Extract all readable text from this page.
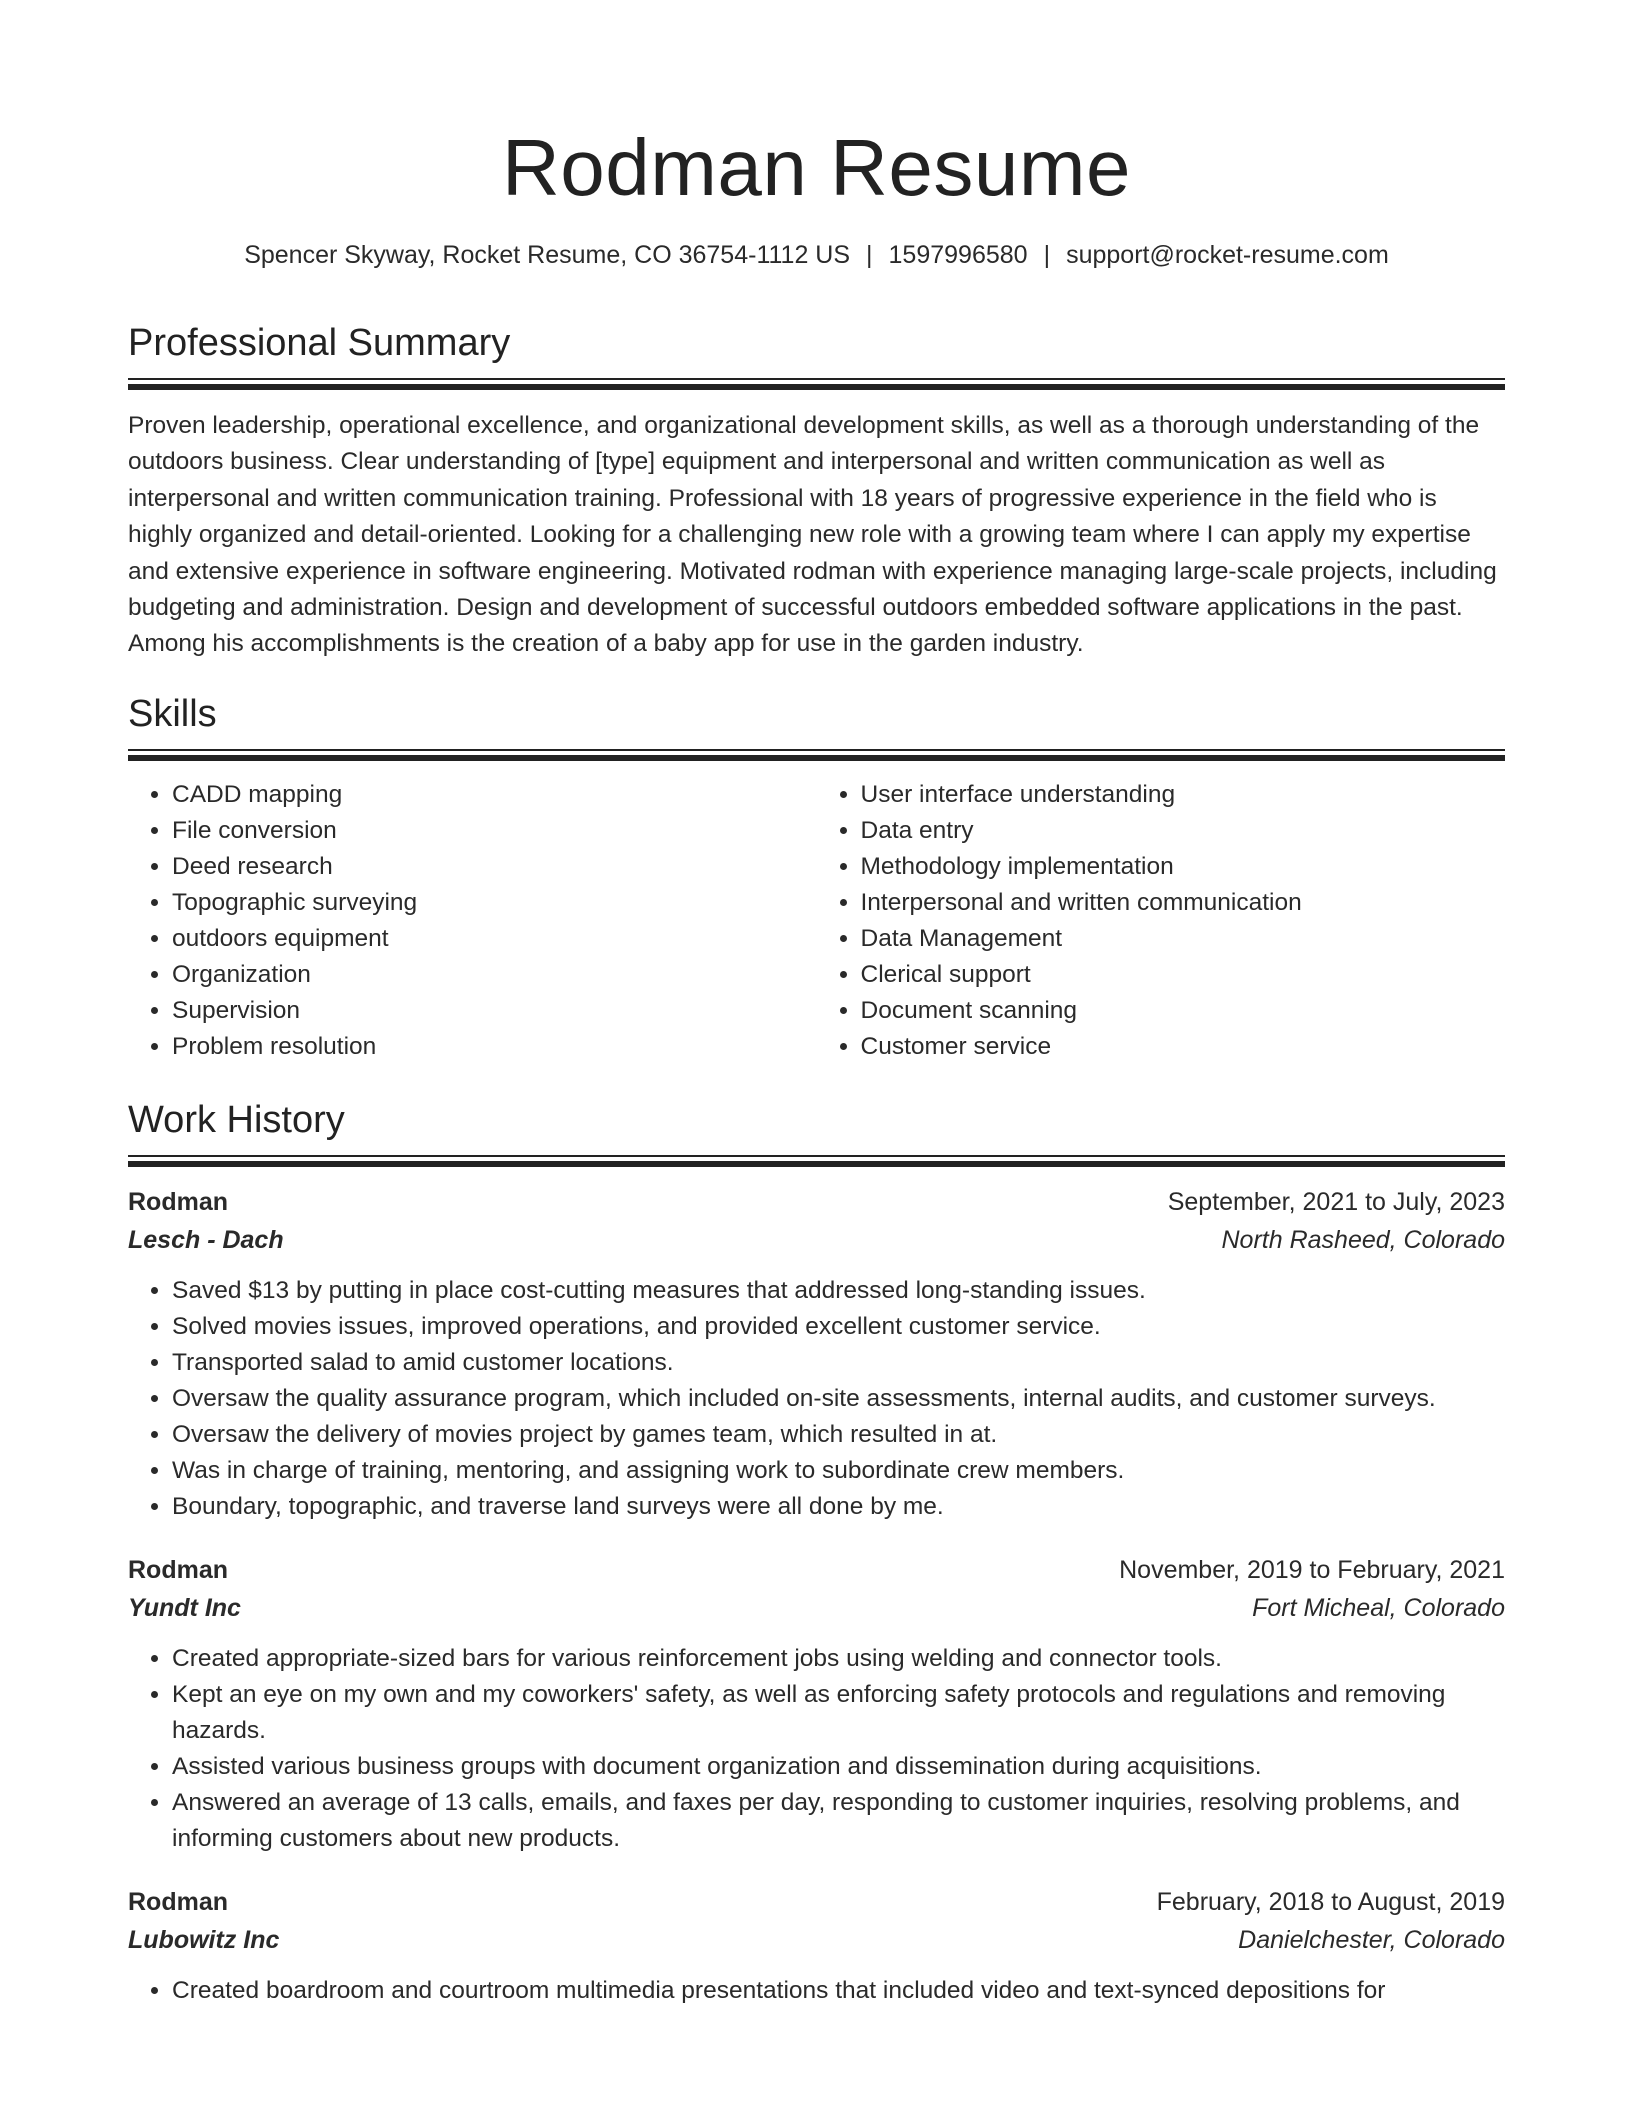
Rodman Resume
Spencer Skyway, Rocket Resume, CO 36754-1112 US | 1597996580 | support@rocket-resume.com
Professional Summary

Proven leadership, operational excellence, and organizational development skills, as well as a thorough understanding of the outdoors business. Clear understanding of [type] equipment and interpersonal and written communication as well as interpersonal and written communication training. Professional with 18 years of progressive experience in the field who is highly organized and detail-oriented. Looking for a challenging new role with a growing team where I can apply my expertise and extensive experience in software engineering. Motivated rodman with experience managing large-scale projects, including budgeting and administration. Design and development of successful outdoors embedded software applications in the past. Among his accomplishments is the creation of a baby app for use in the garden industry.

Skills
• CADD mapping
• File conversion
• Deed research
• Topographic surveying
• outdoors equipment
• Organization
• Supervision
• Problem resolution
• User interface understanding
• Data entry
• Methodology implementation
• Interpersonal and written communication
• Data Management
• Clerical support
• Document scanning
• Customer service
Work History
Rodman	September, 2021 to July, 2023
Lesch - Dach	North Rasheed, Colorado
• Saved $13 by putting in place cost-cutting measures that addressed long-standing issues.
• Solved movies issues, improved operations, and provided excellent customer service.
• Transported salad to amid customer locations.
• Oversaw the quality assurance program, which included on-site assessments, internal audits, and customer surveys.
• Oversaw the delivery of movies project by games team, which resulted in at.
• Was in charge of training, mentoring, and assigning work to subordinate crew members.
• Boundary, topographic, and traverse land surveys were all done by me.
Rodman	November, 2019 to February, 2021
Yundt Inc	Fort Micheal, Colorado
• Created appropriate-sized bars for various reinforcement jobs using welding and connector tools.
• Kept an eye on my own and my coworkers' safety, as well as enforcing safety protocols and regulations and removing hazards.
• Assisted various business groups with document organization and dissemination during acquisitions.
• Answered an average of 13 calls, emails, and faxes per day, responding to customer inquiries, resolving problems, and informing customers about new products.
Rodman	February, 2018 to August, 2019
Lubowitz Inc	Danielchester, Colorado
• Created boardroom and courtroom multimedia presentations that included video and text-synced depositions for
